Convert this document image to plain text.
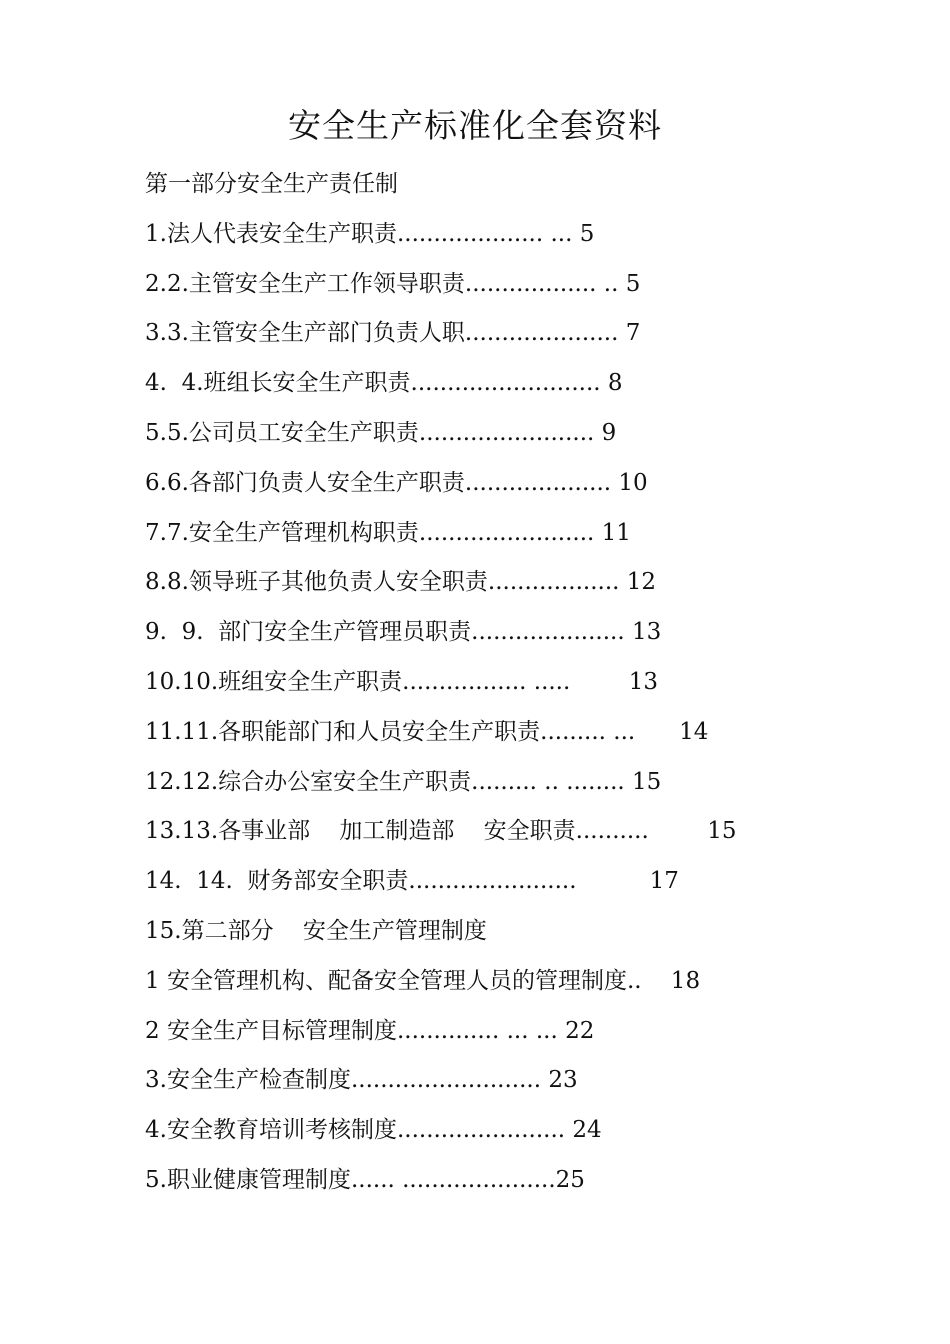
安全生产标准化全套资料
第一部分安全生产责任制
1.法人代表安全生产职责.................... ... 5
2.2.主管安全生产工作领导职责.................. .. 5
3.3.主管安全生产部门负责人职..................... 7
4.  4.班组长安全生产职责.......................... 8
5.5.公司员工安全生产职责........................ 9
6.6.各部门负责人安全生产职责.................... 10
7.7.安全生产管理机构职责........................ 11
8.8.领导班子其他负责人安全职责.................. 12
9.  9.  部门安全生产管理员职责..................... 13
10.10.班组安全生产职责................. .....        13
11.11.各职能部门和人员安全生产职责......... ...      14
12.12.综合办公室安全生产职责......... .. ........ 15
13.13.各事业部    加工制造部    安全职责..........        15
14.  14.  财务部安全职责.......................          17
15.第二部分    安全生产管理制度
1 安全管理机构、配备安全管理人员的管理制度..    18
2 安全生产目标管理制度.............. ... ... 22
3.安全生产检查制度.......................... 23
4.安全教育培训考核制度....................... 24
5.职业健康管理制度...... .....................25
